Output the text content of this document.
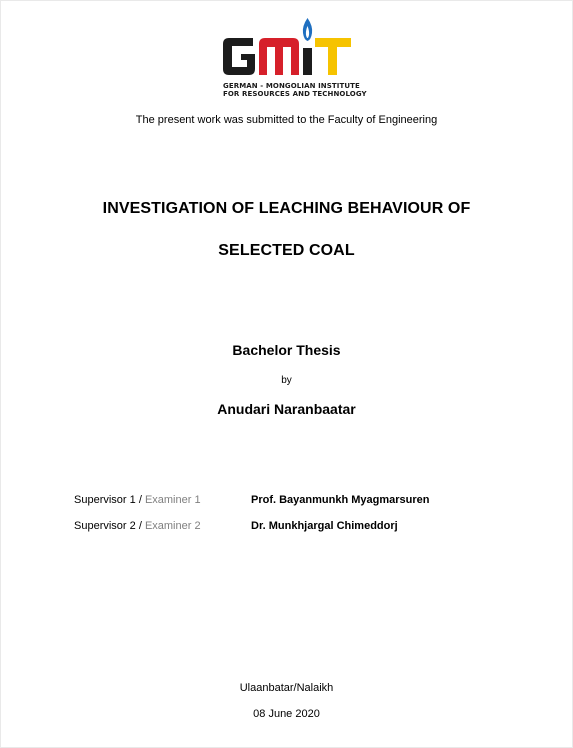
GERMAN - MONGOLIAN INSTITUTE
FOR RESOURCES AND TECHNOLOGY
The present work was submitted to the Faculty of Engineering
INVESTIGATION OF LEACHING BEHAVIOUR OF
SELECTED COAL
Bachelor Thesis
by
Anudari Naranbaatar
Supervisor 1 / Examiner 1	Prof. Bayanmunkh Myagmarsuren
Supervisor 2 / Examiner 2	Dr. Munkhjargal Chimeddorj
Ulaanbatar/Nalaikh
08 June 2020
